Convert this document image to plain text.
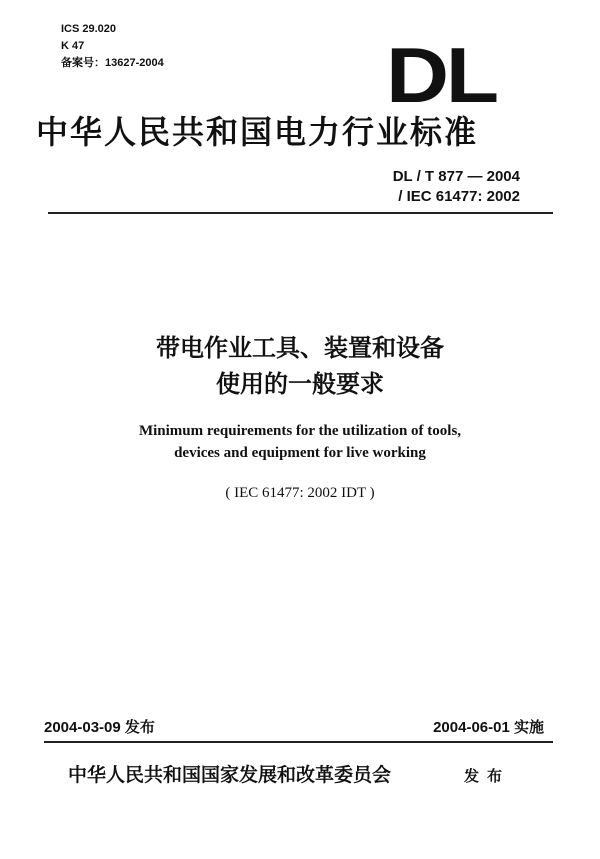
ICS 29.020
K 47
备案号：13627-2004	DL
中华人民共和国电力行业标准
DL / T 877 — 2004
/ IEC 61477: 2002
带电作业工具、装置和设备
使用的一般要求
Minimum requirements for the utilization of tools,
devices and equipment for live working
( IEC 61477: 2002 IDT )
2004-03-09 发布	2004-06-01 实施
中华人民共和国国家发展和改革委员会	发布
